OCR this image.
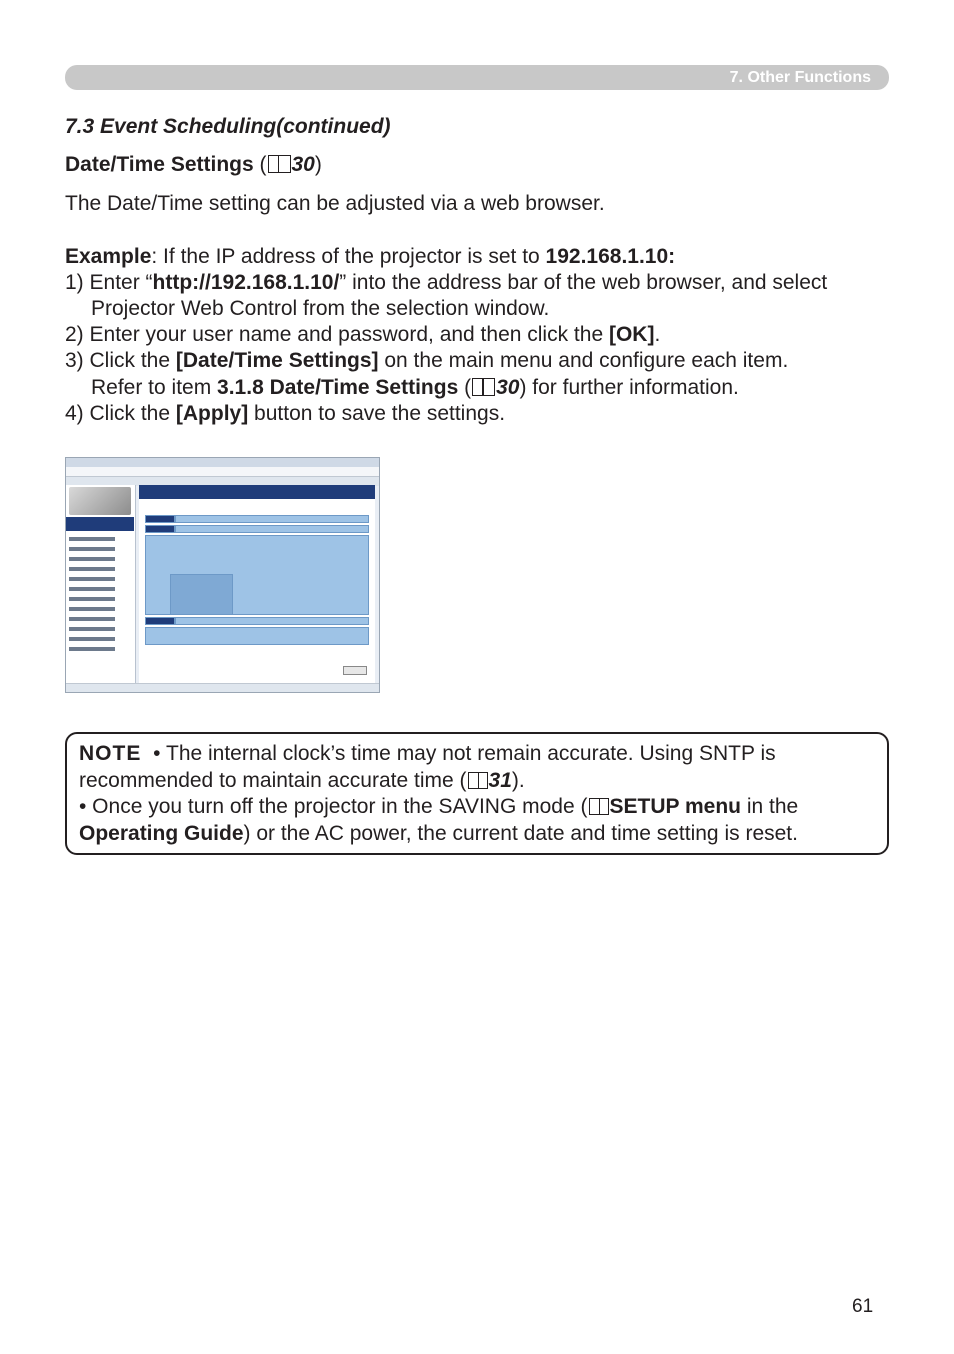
7. Other Functions
7.3 Event Scheduling(continued)
Date/Time Settings ( 30)
The Date/Time setting can be adjusted via a web browser.
Example: If the IP address of the projector is set to 192.168.1.10:
1) Enter “http://192.168.1.10/” into the address bar of the web browser, and select
Projector Web Control from the selection window.
2) Enter your user name and password, and then click the [OK].
3) Click the [Date/Time Settings] on the main menu and configure each item.
Refer to item 3.1.8 Date/Time Settings ( 30) for further information.
4) Click the [Apply] button to save the settings.
NOTE • The internal clock’s time may not remain accurate. Using SNTP is
recommended to maintain accurate time ( 31).
• Once you turn off the projector in the SAVING mode ( SETUP menu in the
Operating Guide) or the AC power, the current date and time setting is reset.
61
